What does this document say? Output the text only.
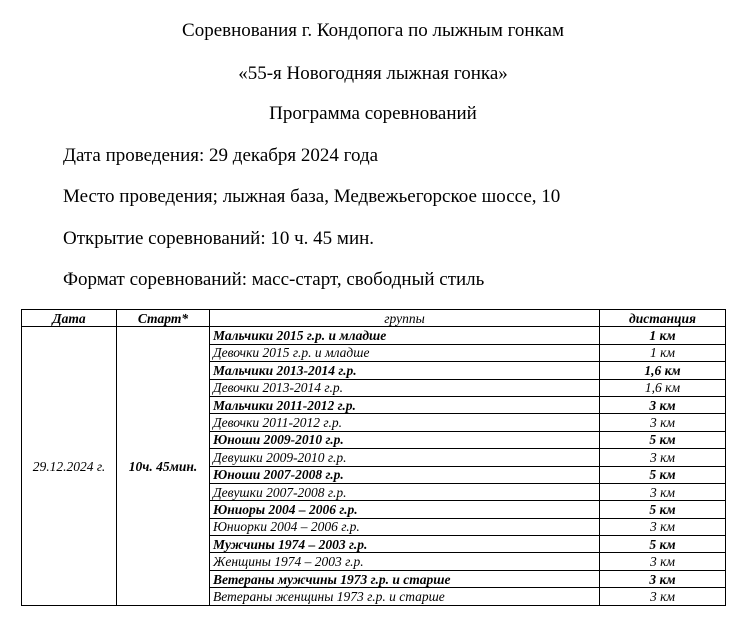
Соревнования г. Кондопога по лыжным гонкам
«55-я Новогодняя лыжная гонка»
Программа соревнований
Дата проведения: 29 декабря 2024 года
Место проведения; лыжная база, Медвежьегорское шоссе, 10
Открытие соревнований: 10 ч. 45 мин.
Формат соревнований: масс-старт, свободный стиль
Дата	Старт*	группы	дистанция
29.12.2024 г.	10ч. 45мин.	Мальчики 2015 г.р. и младше	1 км
		Девочки 2015 г.р. и младше	1 км
		Мальчики 2013-2014 г.р.	1,6 км
		Девочки 2013-2014 г.р.	1,6 км
		Мальчики 2011-2012 г.р.	3 км
		Девочки 2011-2012 г.р.	3 км
		Юноши 2009-2010 г.р.	5 км
		Девушки 2009-2010 г.р.	3 км
		Юноши 2007-2008 г.р.	5 км
		Девушки 2007-2008 г.р.	3 км
		Юниоры 2004 – 2006 г.р.	5 км
		Юниорки 2004 – 2006 г.р.	3 км
		Мужчины 1974 – 2003 г.р.	5 км
		Женщины 1974 – 2003 г.р.	3 км
		Ветераны мужчины 1973 г.р. и старше	3 км
		Ветераны женщины 1973 г.р. и старше	3 км
